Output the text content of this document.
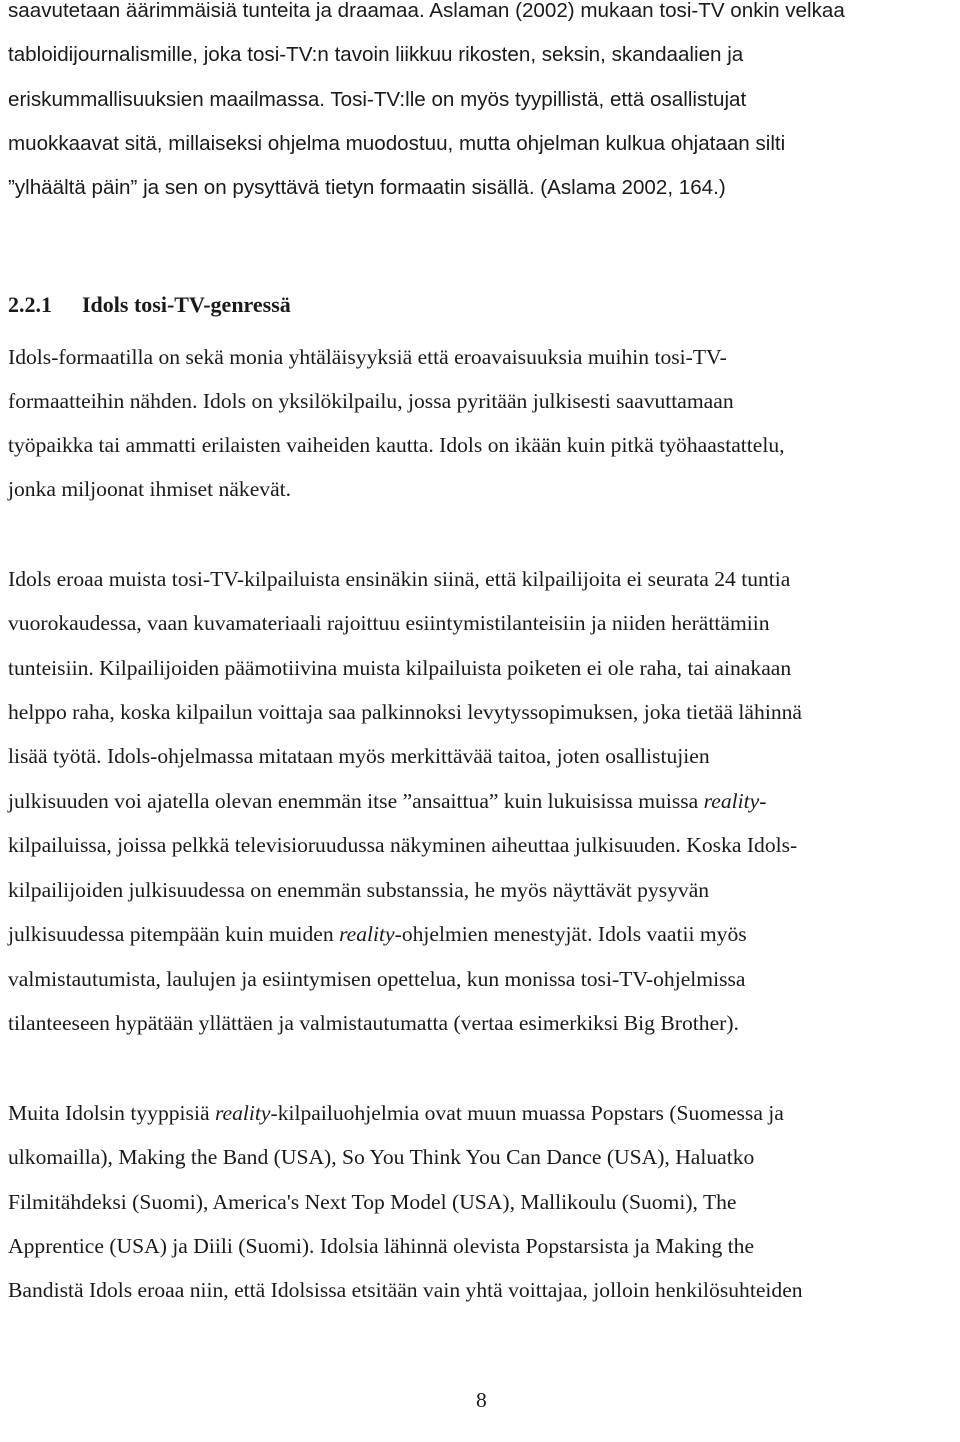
saavutetaan äärimmäisiä tunteita ja draamaa. Aslaman (2002) mukaan tosi-TV onkin velkaa
tabloidijournalismille, joka tosi-TV:n tavoin liikkuu rikosten, seksin, skandaalien ja
eriskummallisuuksien maailmassa. Tosi-TV:lle on myös tyypillistä, että osallistujat
muokkaavat sitä, millaiseksi ohjelma muodostuu, mutta ohjelman kulkua ohjataan silti
”ylhäältä päin” ja sen on pysyttävä tietyn formaatin sisällä. (Aslama 2002, 164.)
2.2.1 Idols tosi-TV-genressä
Idols-formaatilla on sekä monia yhtäläisyyksiä että eroavaisuuksia muihin tosi-TV-
formaatteihin nähden. Idols on yksilökilpailu, jossa pyritään julkisesti saavuttamaan
työpaikka tai ammatti erilaisten vaiheiden kautta. Idols on ikään kuin pitkä työhaastattelu,
jonka miljoonat ihmiset näkevät.
Idols eroaa muista tosi-TV-kilpailuista ensinäkin siinä, että kilpailijoita ei seurata 24 tuntia
vuorokaudessa, vaan kuvamateriaali rajoittuu esiintymistilanteisiin ja niiden herättämiin
tunteisiin. Kilpailijoiden päämotiivina muista kilpailuista poiketen ei ole raha, tai ainakaan
helppo raha, koska kilpailun voittaja saa palkinnoksi levytyssopimuksen, joka tietää lähinnä
lisää työtä. Idols-ohjelmassa mitataan myös merkittävää taitoa, joten osallistujien
julkisuuden voi ajatella olevan enemmän itse ”ansaittua” kuin lukuisissa muissa reality-
kilpailuissa, joissa pelkkä televisioruudussa näkyminen aiheuttaa julkisuuden. Koska Idols-
kilpailijoiden julkisuudessa on enemmän substanssia, he myös näyttävät pysyvän
julkisuudessa pitempään kuin muiden reality-ohjelmien menestyjät. Idols vaatii myös
valmistautumista, laulujen ja esiintymisen opettelua, kun monissa tosi-TV-ohjelmissa
tilanteeseen hypätään yllättäen ja valmistautumatta (vertaa esimerkiksi Big Brother).
Muita Idolsin tyyppisiä reality-kilpailuohjelmia ovat muun muassa Popstars (Suomessa ja
ulkomailla), Making the Band (USA), So You Think You Can Dance (USA), Haluatko
Filmitähdeksi (Suomi), America's Next Top Model (USA), Mallikoulu (Suomi), The
Apprentice (USA) ja Diili (Suomi). Idolsia lähinnä olevista Popstarsista ja Making the
Bandistä Idols eroaa niin, että Idolsissa etsitään vain yhtä voittajaa, jolloin henkilösuhteiden
8
